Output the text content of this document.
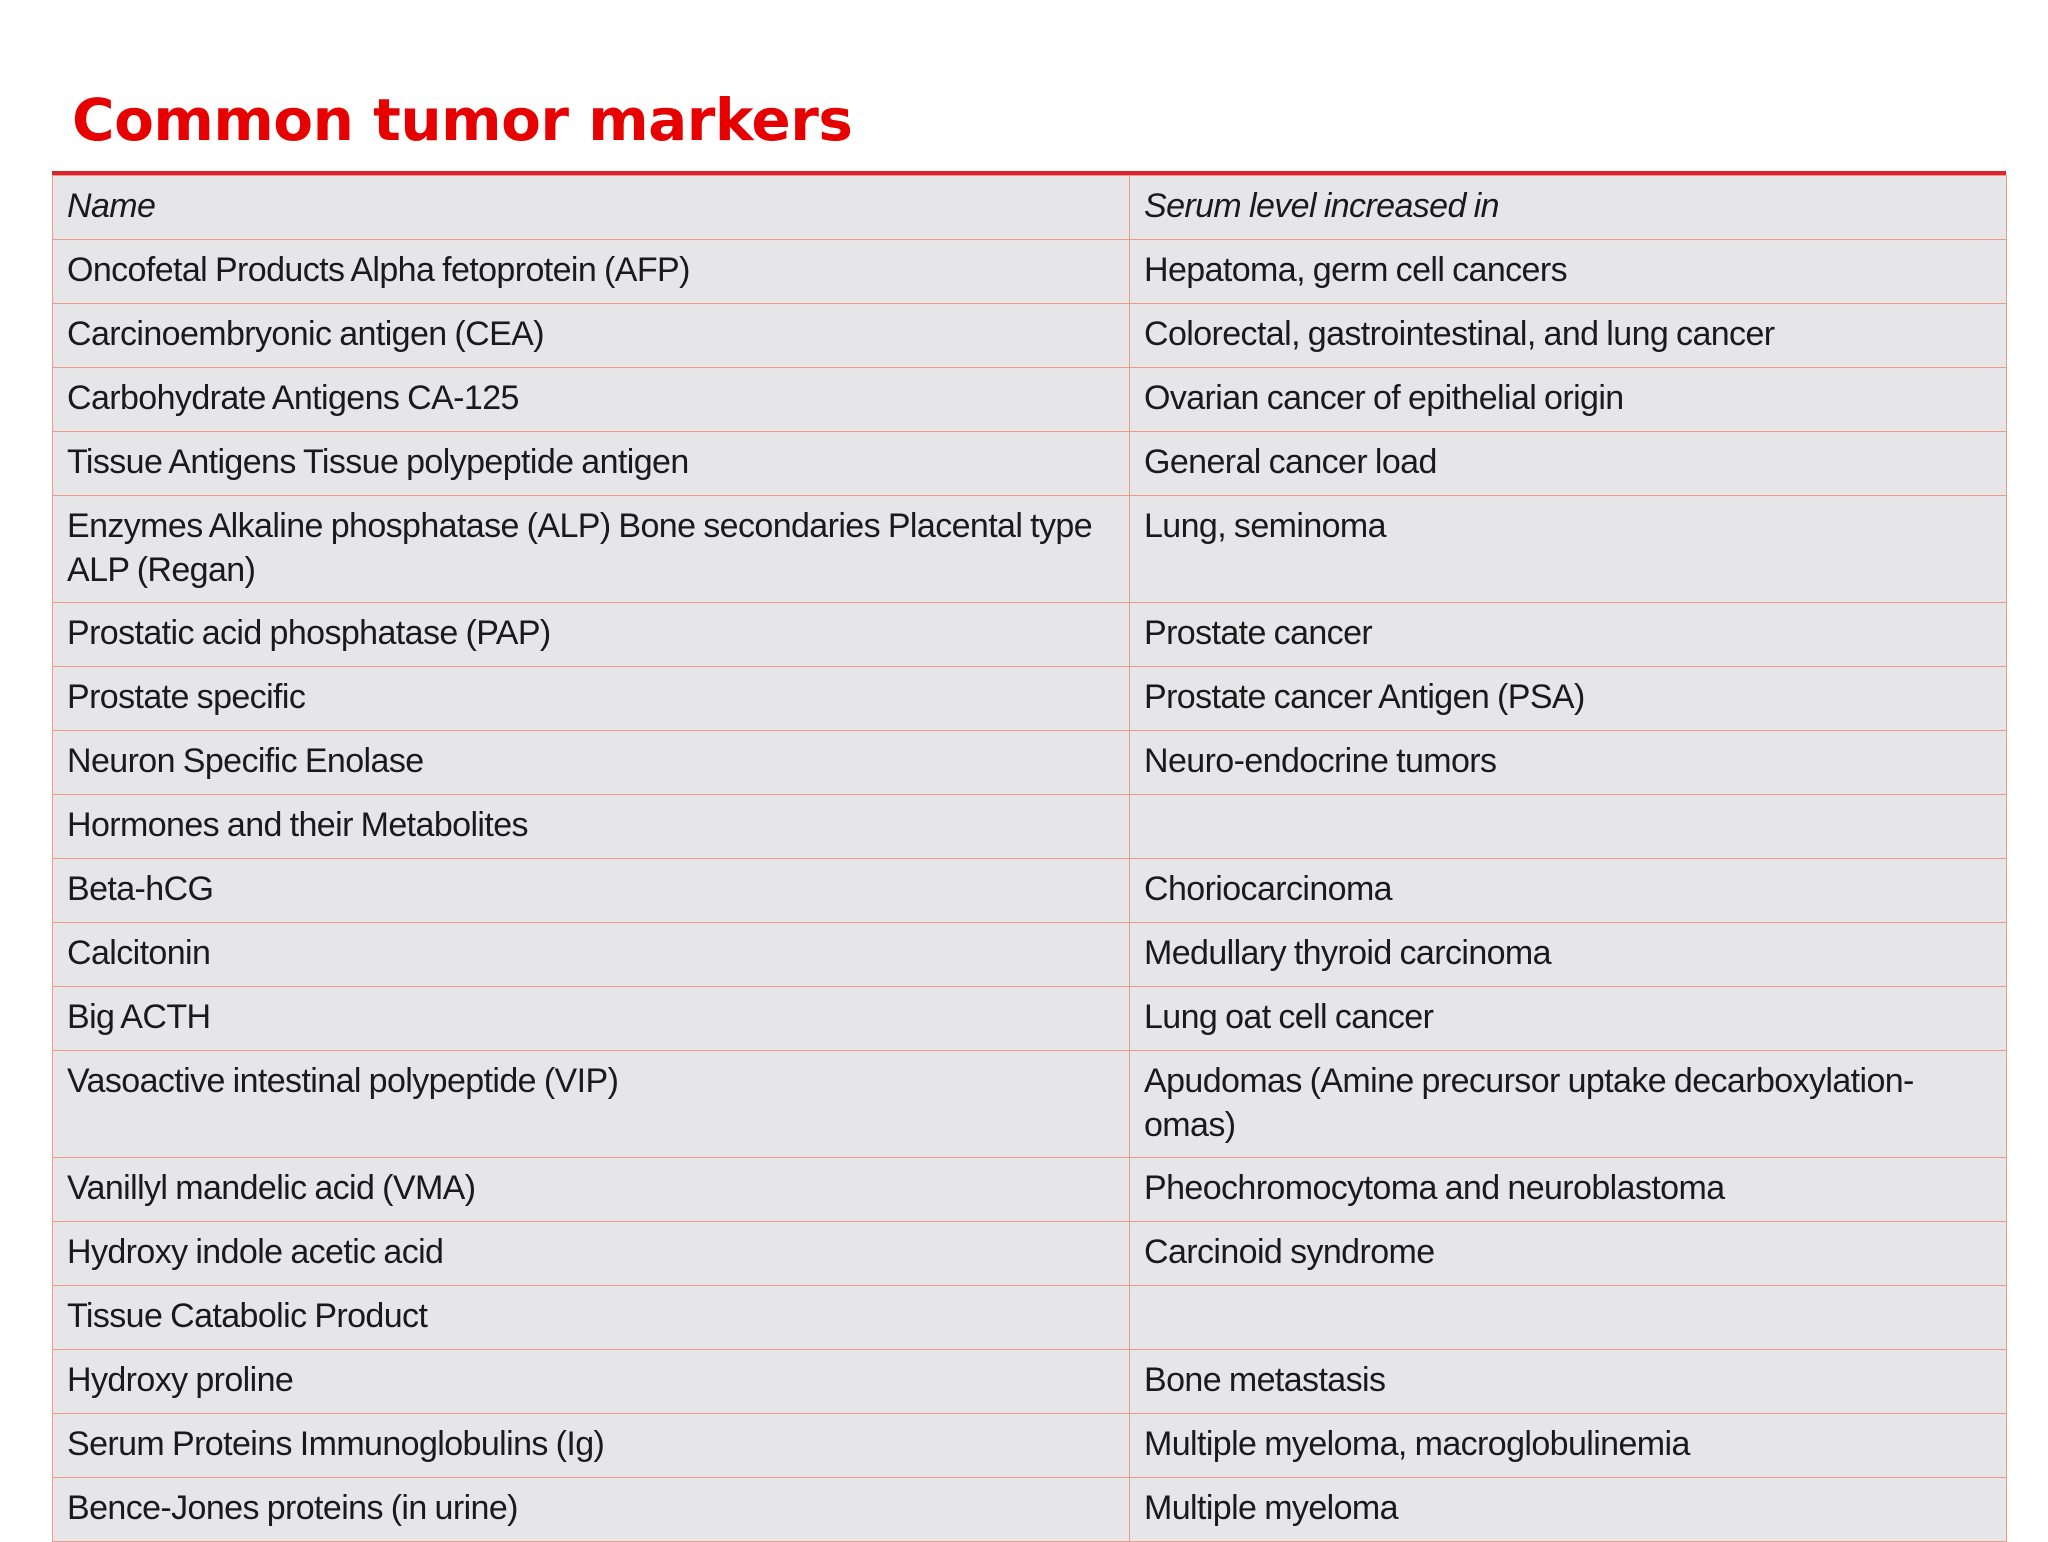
Common tumor markers
Name	Serum level increased in

Oncofetal Products Alpha fetoprotein (AFP)	Hepatoma, germ cell cancers

Carcinoembryonic antigen (CEA)	Colorectal, gastrointestinal, and lung cancer

Carbohydrate Antigens CA-125	Ovarian cancer of epithelial origin

Tissue Antigens Tissue polypeptide antigen	General cancer load

Enzymes Alkaline phosphatase (ALP) Bone secondaries Placental type ALP (Regan)	Lung, seminoma

Prostatic acid phosphatase (PAP)	Prostate cancer

Prostate specific	Prostate cancer Antigen (PSA)

Neuron Specific Enolase	Neuro-endocrine tumors

Hormones and their Metabolites	

Beta-hCG	Choriocarcinoma

Calcitonin	Medullary thyroid carcinoma

Big ACTH	Lung oat cell cancer

Vasoactive intestinal polypeptide (VIP)	Apudomas (Amine precursor uptake decarboxylation-omas)

Vanillyl mandelic acid (VMA)	Pheochromocytoma and neuroblastoma

Hydroxy indole acetic acid	Carcinoid syndrome

Tissue Catabolic Product	

Hydroxy proline	Bone metastasis

Serum Proteins Immunoglobulins (Ig)	Multiple myeloma, macroglobulinemia

Bence-Jones proteins (in urine)	Multiple myeloma
